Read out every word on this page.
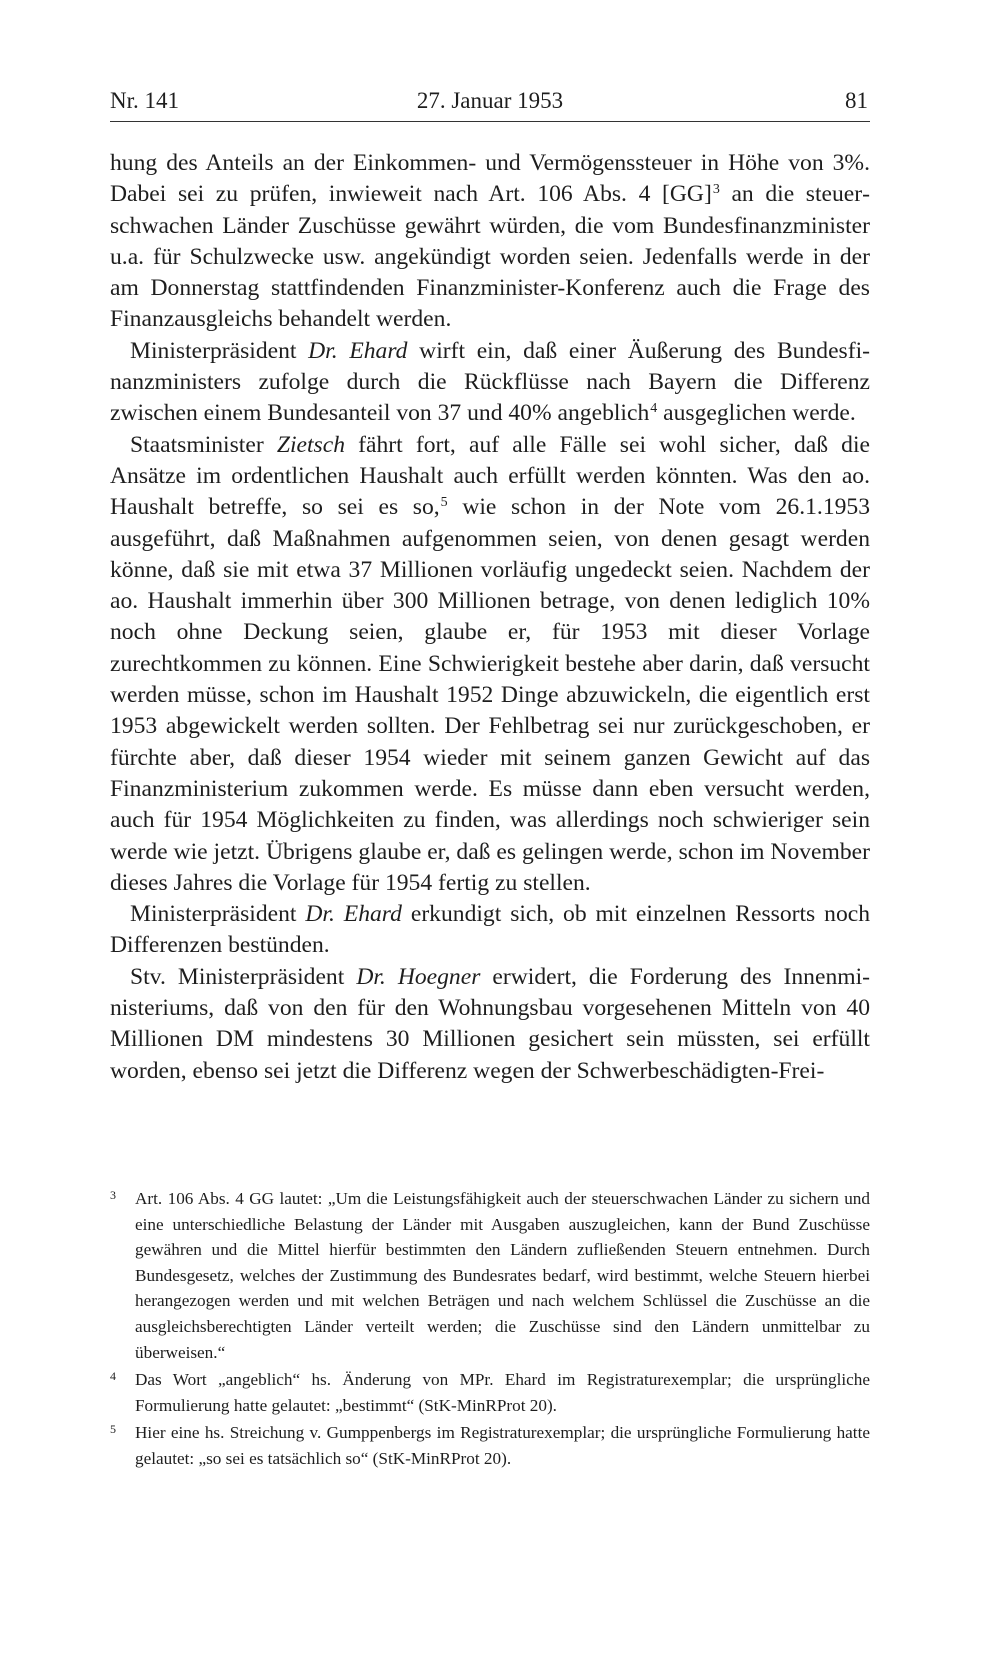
Nr. 141	27. Januar 1953	81

hung des Anteils an der Einkommen- und Vermögenssteuer in Höhe von 3%. Dabei sei zu prüfen, inwieweit nach Art. 106 Abs. 4 [GG]$^3$ an die steuerschwachen Länder Zuschüsse gewährt würden, die vom Bundesfinanzminister u.a. für Schulzwecke usw. angekündigt worden seien. Jedenfalls werde in der am Donnerstag stattfindenden Finanzminister-Konferenz auch die Frage des Finanzausgleichs behandelt werden.

Ministerpräsident Dr. Ehard wirft ein, daß einer Äußerung des Bundesfinanzministers zufolge durch die Rückflüsse nach Bayern die Differenz zwischen einem Bundesanteil von 37 und 40% angeblich$^4$ ausgeglichen werde.

Staatsminister Zietsch fährt fort, auf alle Fälle sei wohl sicher, daß die Ansätze im ordentlichen Haushalt auch erfüllt werden könnten. Was den ao. Haushalt betreffe, so sei es so,$^5$ wie schon in der Note vom 26.1.1953 ausgeführt, daß Maßnahmen aufgenommen seien, von denen gesagt werden könne, daß sie mit etwa 37 Millionen vorläufig ungedeckt seien. Nachdem der ao. Haushalt immerhin über 300 Millionen betrage, von denen lediglich 10% noch ohne Deckung seien, glaube er, für 1953 mit dieser Vorlage zurechtkommen zu können. Eine Schwierigkeit bestehe aber darin, daß versucht werden müsse, schon im Haushalt 1952 Dinge abzuwickeln, die eigentlich erst 1953 abgewickelt werden sollten. Der Fehlbetrag sei nur zurückgeschoben, er fürchte aber, daß dieser 1954 wieder mit seinem ganzen Gewicht auf das Finanzministerium zukommen werde. Es müsse dann eben versucht werden, auch für 1954 Möglichkeiten zu finden, was allerdings noch schwieriger sein werde wie jetzt. Übrigens glaube er, daß es gelingen werde, schon im November dieses Jahres die Vorlage für 1954 fertig zu stellen.

Ministerpräsident Dr. Ehard erkundigt sich, ob mit einzelnen Ressorts noch Differenzen bestünden.

Stv. Ministerpräsident Dr. Hoegner erwidert, die Forderung des Innenministeriums, daß von den für den Wohnungsbau vorgesehenen Mitteln von 40 Millionen DM mindestens 30 Millionen gesichert sein müssten, sei erfüllt worden, ebenso sei jetzt die Differenz wegen der Schwerbeschädigten-Frei-

3 Art. 106 Abs. 4 GG lautet: „Um die Leistungsfähigkeit auch der steuerschwachen Länder zu sichern und eine unterschiedliche Belastung der Länder mit Ausgaben auszugleichen, kann der Bund Zuschüsse gewähren und die Mittel hierfür bestimmten den Ländern zufließenden Steuern entnehmen. Durch Bundesgesetz, welches der Zustimmung des Bundesrates bedarf, wird bestimmt, welche Steuern hierbei herangezogen werden und mit welchen Beträgen und nach welchem Schlüssel die Zuschüsse an die ausgleichsberechtigten Länder verteilt werden; die Zuschüsse sind den Ländern unmittelbar zu überweisen.“
4 Das Wort „angeblich“ hs. Änderung von MPr. Ehard im Registraturexemplar; die ursprüngliche Formulierung hatte gelautet: „bestimmt“ (StK-MinRProt 20).
5 Hier eine hs. Streichung v. Gumppenbergs im Registraturexemplar; die ursprüngliche Formulierung hatte gelautet: „so sei es tatsächlich so“ (StK-MinRProt 20).
